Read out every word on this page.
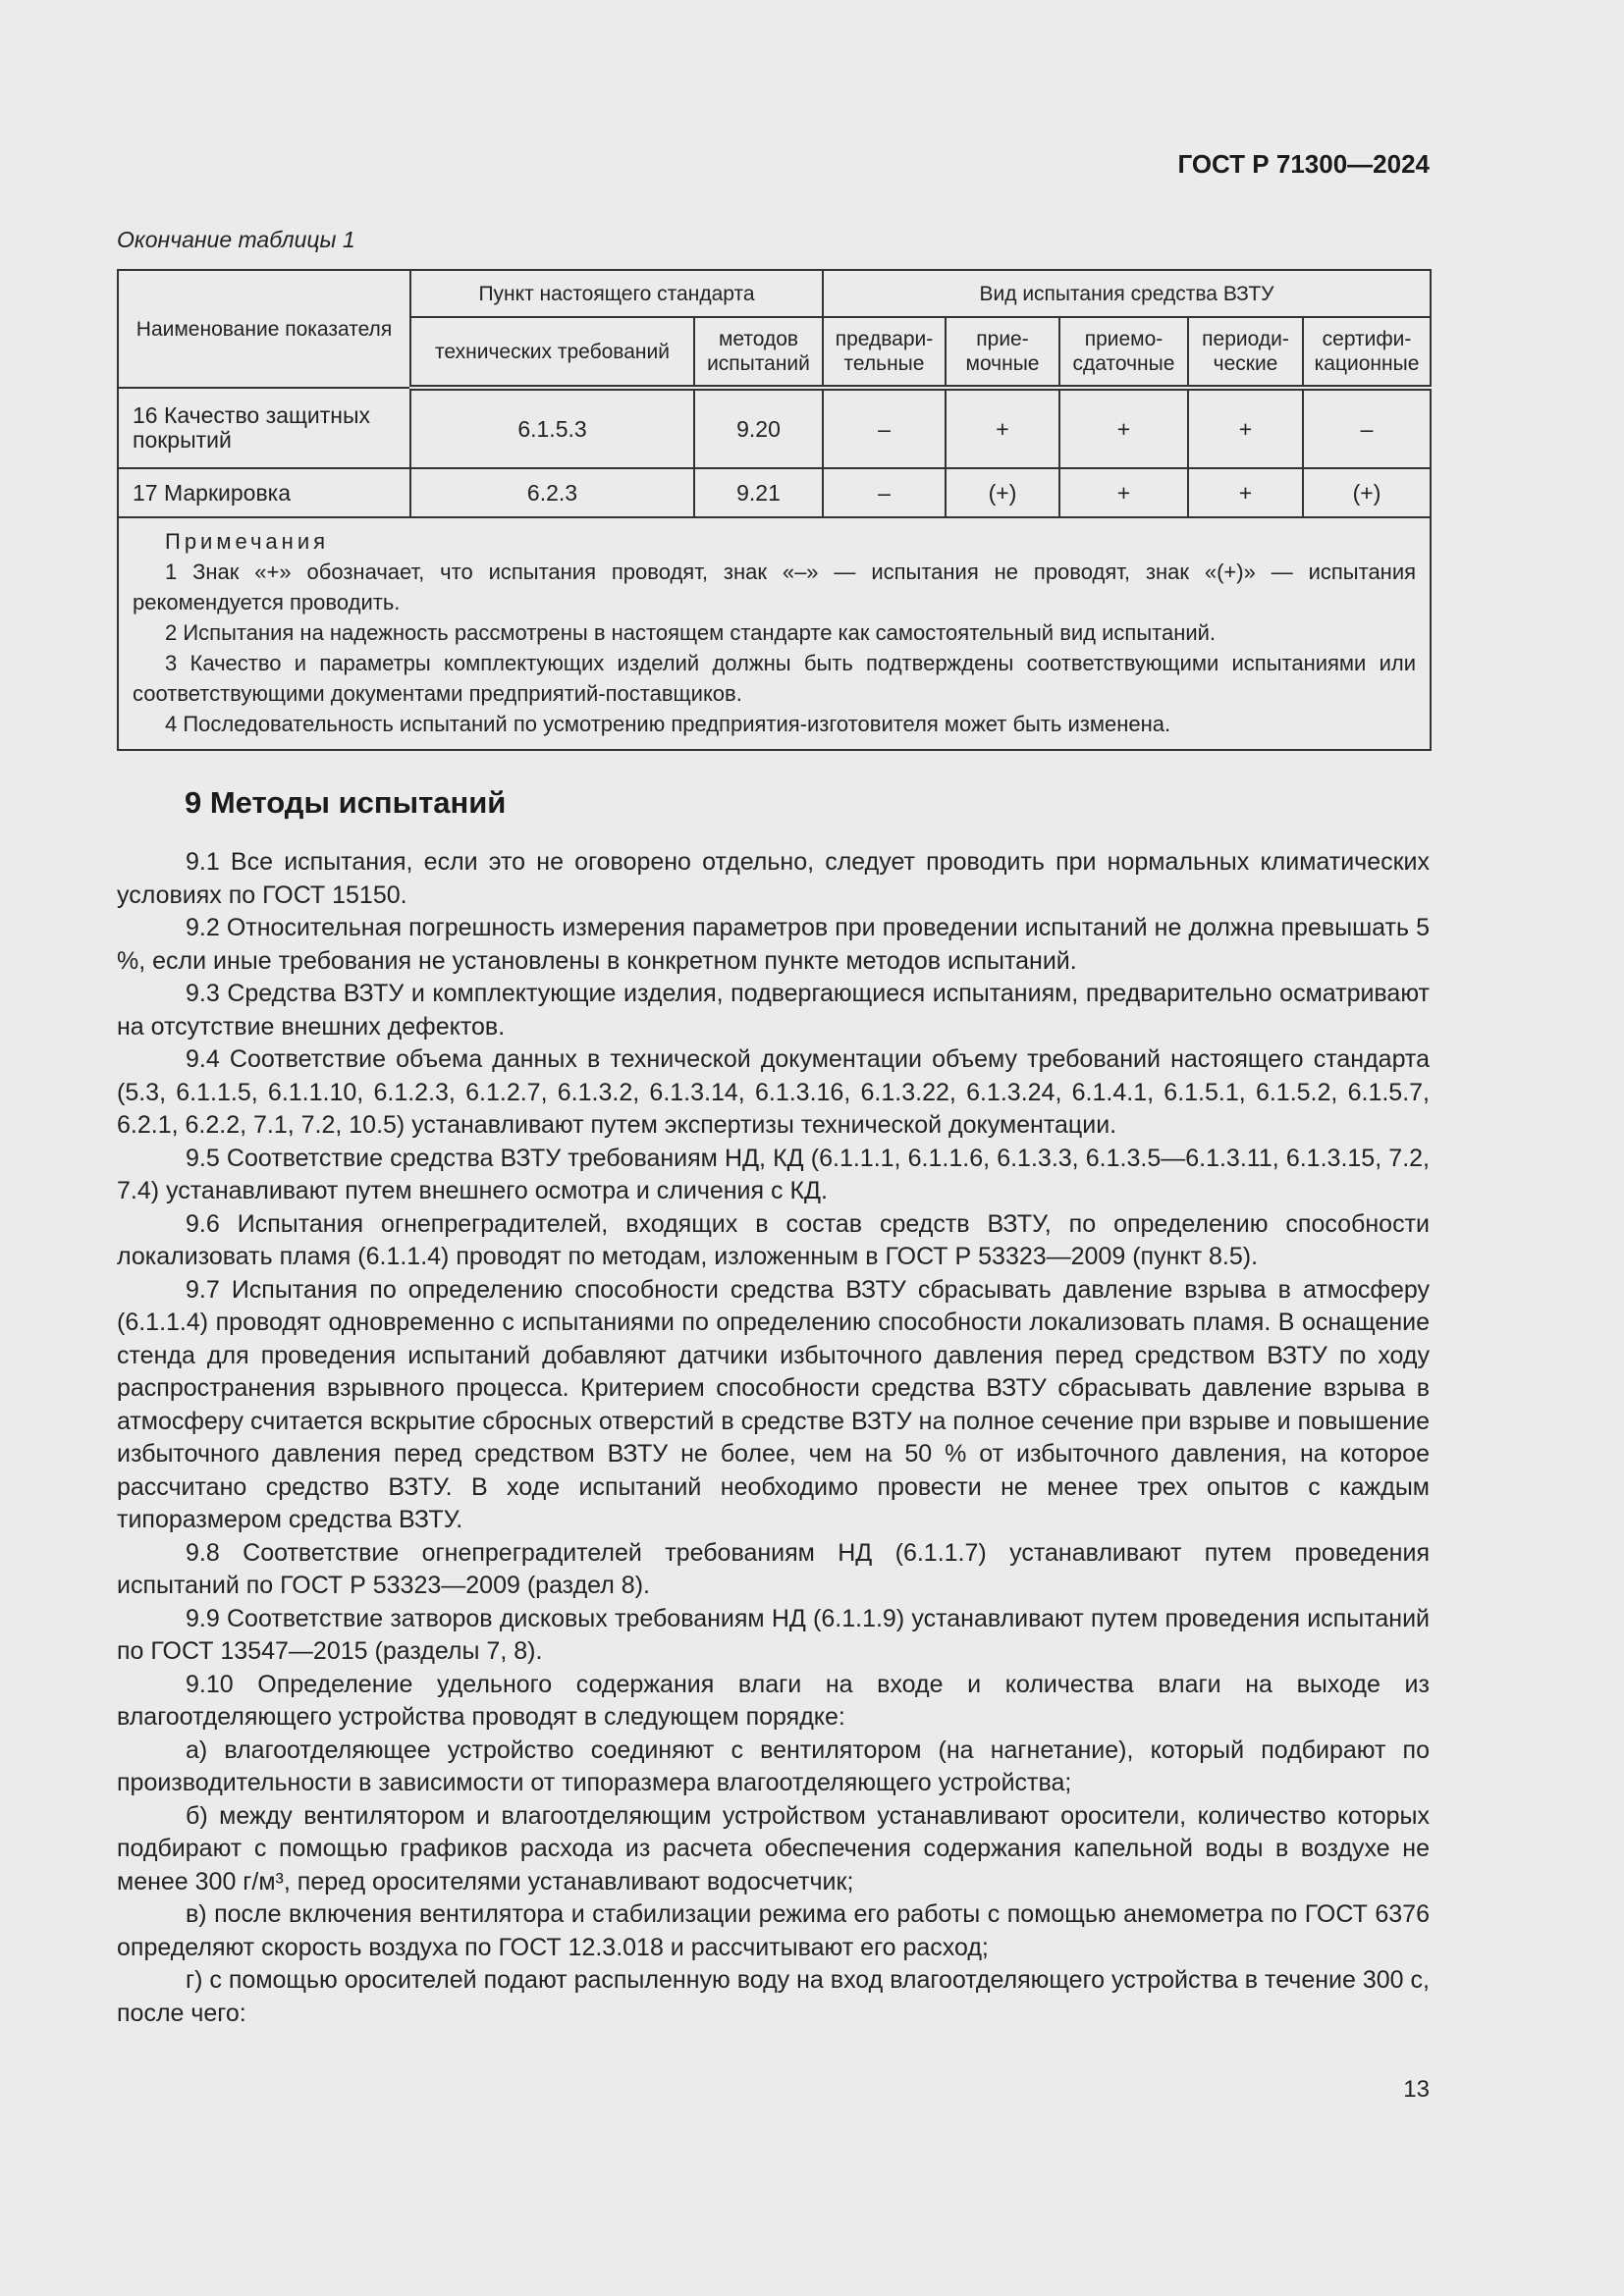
ГОСТ Р 71300—2024
Окончание таблицы 1
Наименование показателя	Пункт настоящего стандарта		Вид испытания средства ВЗТУ				
	технических требований	методов испытаний	предвари-тельные	прие-мочные	приемо-сдаточные	периоди-ческие	сертифи-кационные
16 Качество защитных покрытий	6.1.5.3	9.20	–	+	+	+	–
17 Маркировка	6.2.3	9.21	–	(+)	+	+	(+)

Примечания
1 Знак «+» обозначает, что испытания проводят, знак «–» — испытания не проводят, знак «(+)» — испытания рекомендуется проводить.
2 Испытания на надежность рассмотрены в настоящем стандарте как самостоятельный вид испытаний.
3 Качество и параметры комплектующих изделий должны быть подтверждены соответствующими испытаниями или соответствующими документами предприятий-поставщиков.
4 Последовательность испытаний по усмотрению предприятия-изготовителя может быть изменена.							
9 Методы испытаний

9.1 Все испытания, если это не оговорено отдельно, следует проводить при нормальных климатических условиях по ГОСТ 15150.

9.2 Относительная погрешность измерения параметров при проведении испытаний не должна превышать 5 %, если иные требования не установлены в конкретном пункте методов испытаний.

9.3 Средства ВЗТУ и комплектующие изделия, подвергающиеся испытаниям, предварительно осматривают на отсутствие внешних дефектов.

9.4 Соответствие объема данных в технической документации объему требований настоящего стандарта (5.3, 6.1.1.5, 6.1.1.10, 6.1.2.3, 6.1.2.7, 6.1.3.2, 6.1.3.14, 6.1.3.16, 6.1.3.22, 6.1.3.24, 6.1.4.1, 6.1.5.1, 6.1.5.2, 6.1.5.7, 6.2.1, 6.2.2, 7.1, 7.2, 10.5) устанавливают путем экспертизы технической документации.

9.5 Соответствие средства ВЗТУ требованиям НД, КД (6.1.1.1, 6.1.1.6, 6.1.3.3, 6.1.3.5—6.1.3.11, 6.1.3.15, 7.2, 7.4) устанавливают путем внешнего осмотра и сличения с КД.

9.6 Испытания огнепреградителей, входящих в состав средств ВЗТУ, по определению способности локализовать пламя (6.1.1.4) проводят по методам, изложенным в ГОСТ Р 53323—2009 (пункт 8.5).

9.7 Испытания по определению способности средства ВЗТУ сбрасывать давление взрыва в атмосферу (6.1.1.4) проводят одновременно с испытаниями по определению способности локализовать пламя. В оснащение стенда для проведения испытаний добавляют датчики избыточного давления перед средством ВЗТУ по ходу распространения взрывного процесса. Критерием способности средства ВЗТУ сбрасывать давление взрыва в атмосферу считается вскрытие сбросных отверстий в средстве ВЗТУ на полное сечение при взрыве и повышение избыточного давления перед средством ВЗТУ не более, чем на 50 % от избыточного давления, на которое рассчитано средство ВЗТУ. В ходе испытаний необходимо провести не менее трех опытов с каждым типоразмером средства ВЗТУ.

9.8 Соответствие огнепреградителей требованиям НД (6.1.1.7) устанавливают путем проведения испытаний по ГОСТ Р 53323—2009 (раздел 8).

9.9 Соответствие затворов дисковых требованиям НД (6.1.1.9) устанавливают путем проведения испытаний по ГОСТ 13547—2015 (разделы 7, 8).

9.10 Определение удельного содержания влаги на входе и количества влаги на выходе из влагоотделяющего устройства проводят в следующем порядке:

а) влагоотделяющее устройство соединяют с вентилятором (на нагнетание), который подбирают по производительности в зависимости от типоразмера влагоотделяющего устройства;

б) между вентилятором и влагоотделяющим устройством устанавливают оросители, количество которых подбирают с помощью графиков расхода из расчета обеспечения содержания капельной воды в воздухе не менее 300 г/м³, перед оросителями устанавливают водосчетчик;

в) после включения вентилятора и стабилизации режима его работы с помощью анемометра по ГОСТ 6376 определяют скорость воздуха по ГОСТ 12.3.018 и рассчитывают его расход;

г) с помощью оросителей подают распыленную воду на вход влагоотделяющего устройства в течение 300 с, после чего:

13
